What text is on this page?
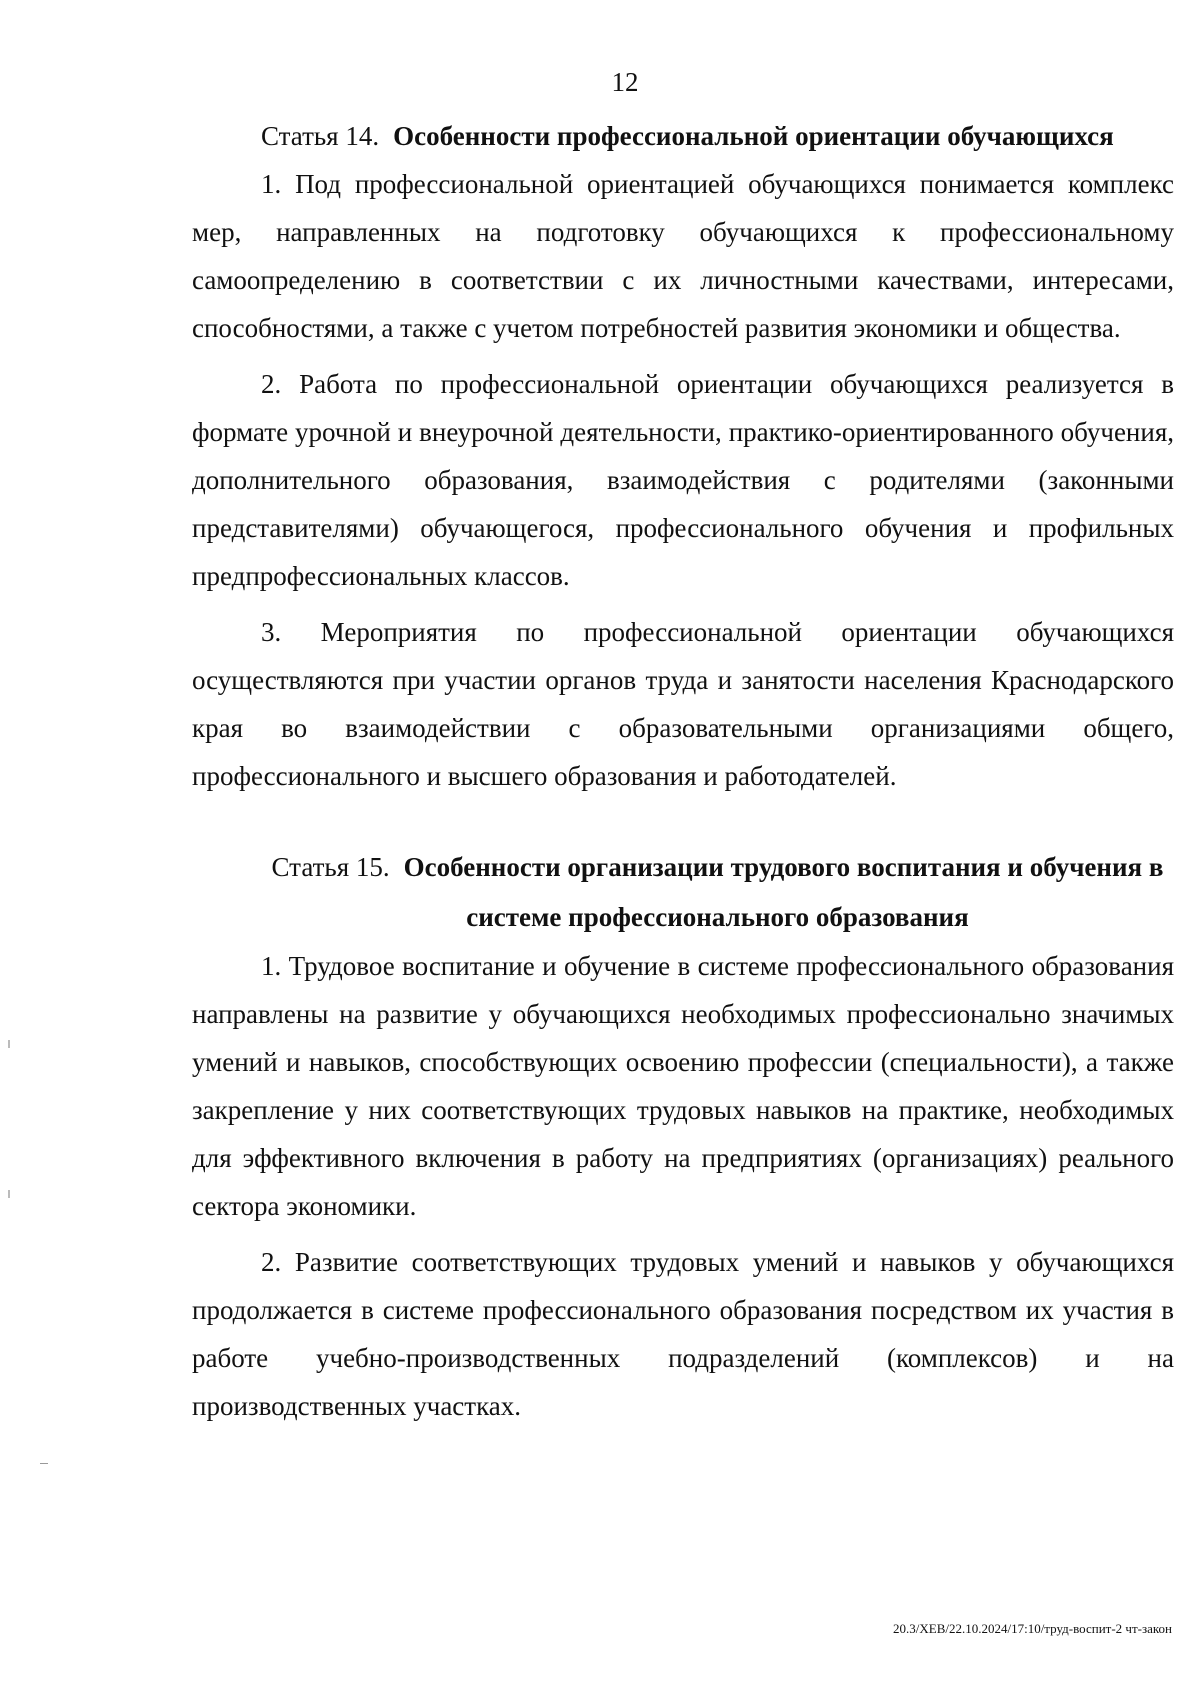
12
Статья 14. Особенности профессиональной ориентации обучающихся

1. Под профессиональной ориентацией обучающихся понимается комплекс мер, направленных на подготовку обучающихся к профессиональному самоопределению в соответствии с их личностными качествами, интересами, способностями, а также с учетом потребностей развития экономики и общества.

2. Работа по профессиональной ориентации обучающихся реализуется в формате урочной и внеурочной деятельности, практико-ориентированного обучения, дополнительного образования, взаимодействия с родителями (законными представителями) обучающегося, профессионального обучения и профильных предпрофессиональных классов.

3. Мероприятия по профессиональной ориентации обучающихся осуществляются при участии органов труда и занятости населения Краснодарского края во взаимодействии с образовательными организациями общего, профессионального и высшего образования и работодателей.

Статья 15. Особенности организации трудового воспитания и обучения в системе профессионального образования

1. Трудовое воспитание и обучение в системе профессионального образования направлены на развитие у обучающихся необходимых профессионально значимых умений и навыков, способствующих освоению профессии (специальности), а также закрепление у них соответствующих трудовых навыков на практике, необходимых для эффективного включения в работу на предприятиях (организациях) реального сектора экономики.

2. Развитие соответствующих трудовых умений и навыков у обучающихся продолжается в системе профессионального образования посредством их участия в работе учебно-производственных подразделений (комплексов) и на производственных участках.

20.3/ХЕВ/22.10.2024/17:10/труд-воспит-2 чт-закон
